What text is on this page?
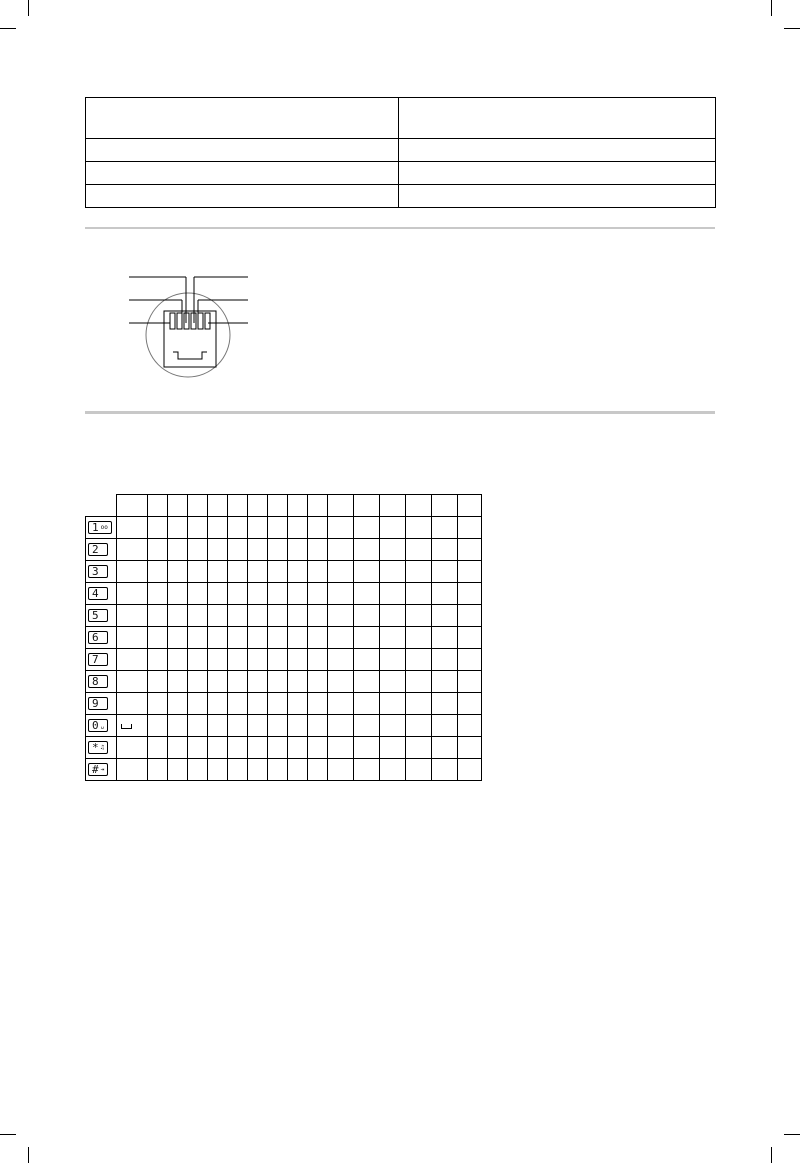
1 oo																

2																

3																

4																

5																

6																

7																

8																

9																

0 ␣																

* ♫																

# ⇥																
